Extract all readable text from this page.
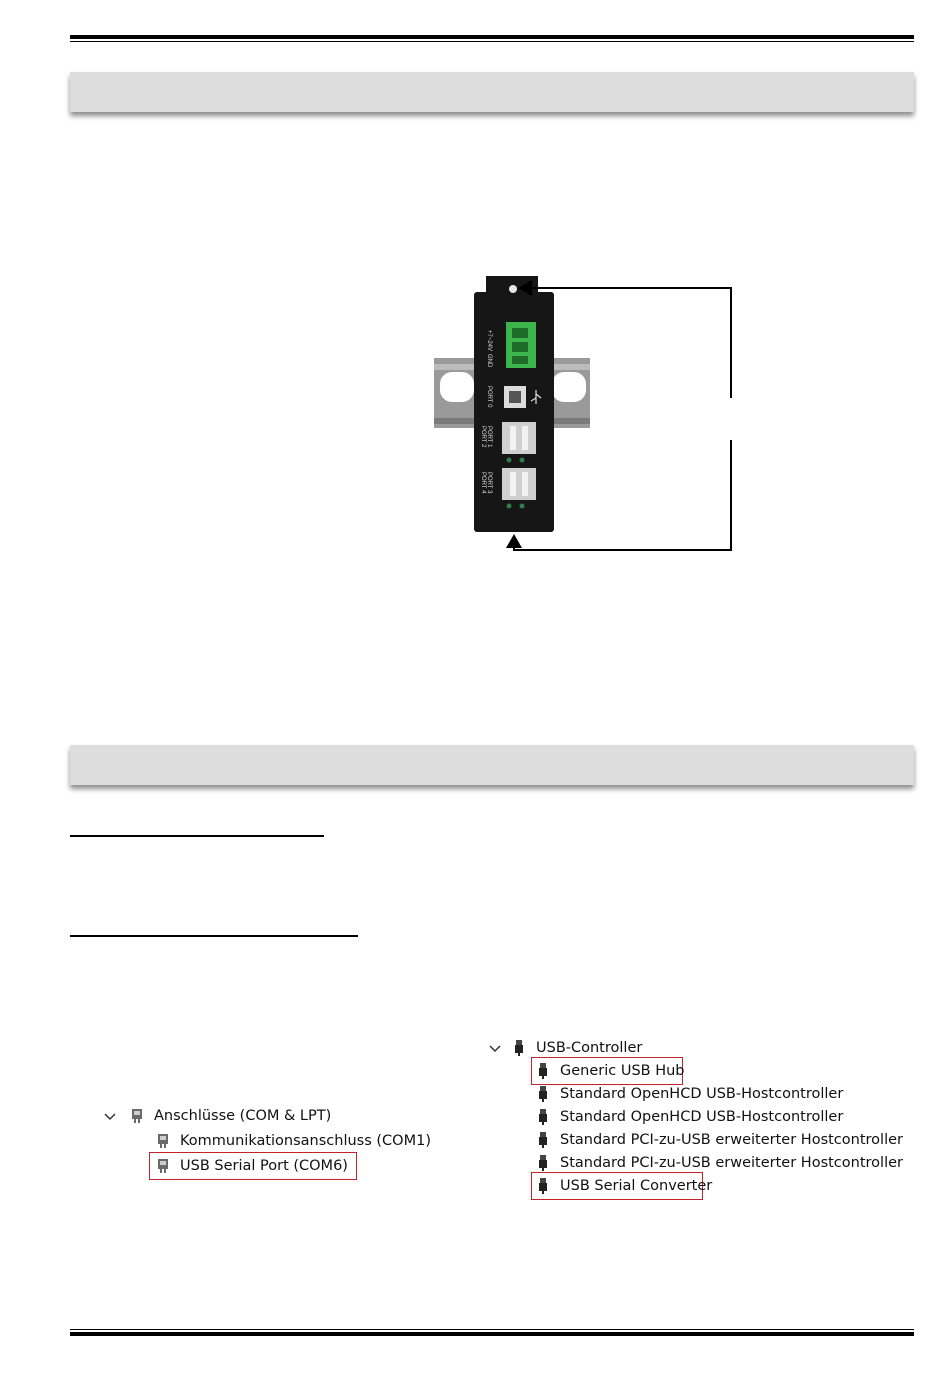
+7~24V
GND
PORT 0
PORT 1
PORT 2
PORT 3
PORT 4
Anschlüsse (COM & LPT)
Kommunikationsanschluss (COM1)
USB Serial Port (COM6)
USB-Controller
Generic USB Hub
Standard OpenHCD USB-Hostcontroller
Standard OpenHCD USB-Hostcontroller
Standard PCI-zu-USB erweiterter Hostcontroller
Standard PCI-zu-USB erweiterter Hostcontroller
USB Serial Converter
